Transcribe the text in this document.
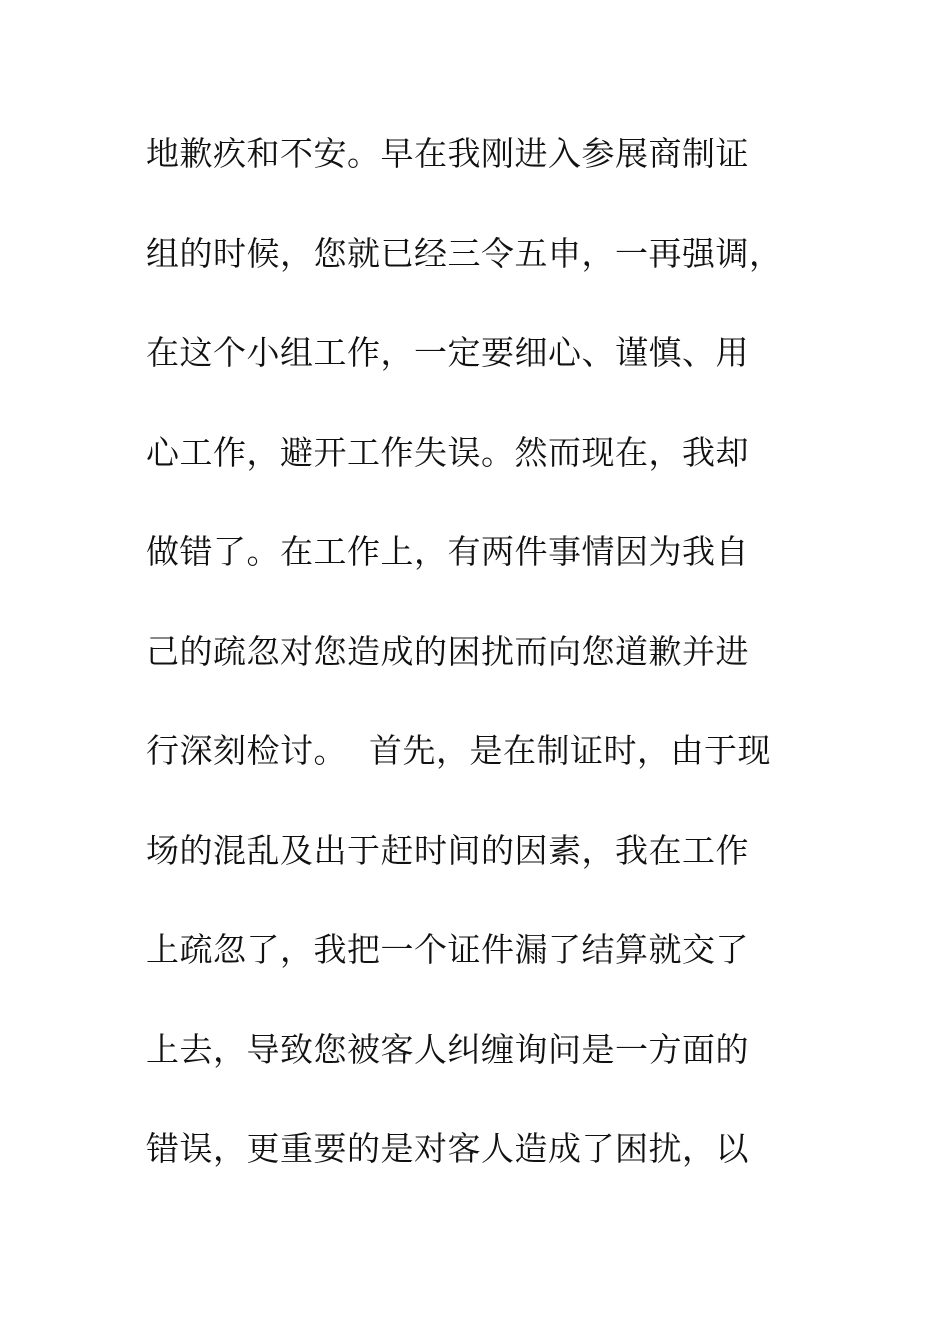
地歉疚和不安。早在我刚进入参展商制证
组的时候，您就已经三令五申，一再强调，
在这个小组工作，一定要细心、谨慎、用
心工作，避开工作失误。然而现在，我却
做错了。在工作上，有两件事情因为我自
己的疏忽对您造成的困扰而向您道歉并进
行深刻检讨。  首先，是在制证时，由于现
场的混乱及出于赶时间的因素，我在工作
上疏忽了，我把一个证件漏了结算就交了
上去，导致您被客人纠缠询问是一方面的
错误，更重要的是对客人造成了困扰，以
